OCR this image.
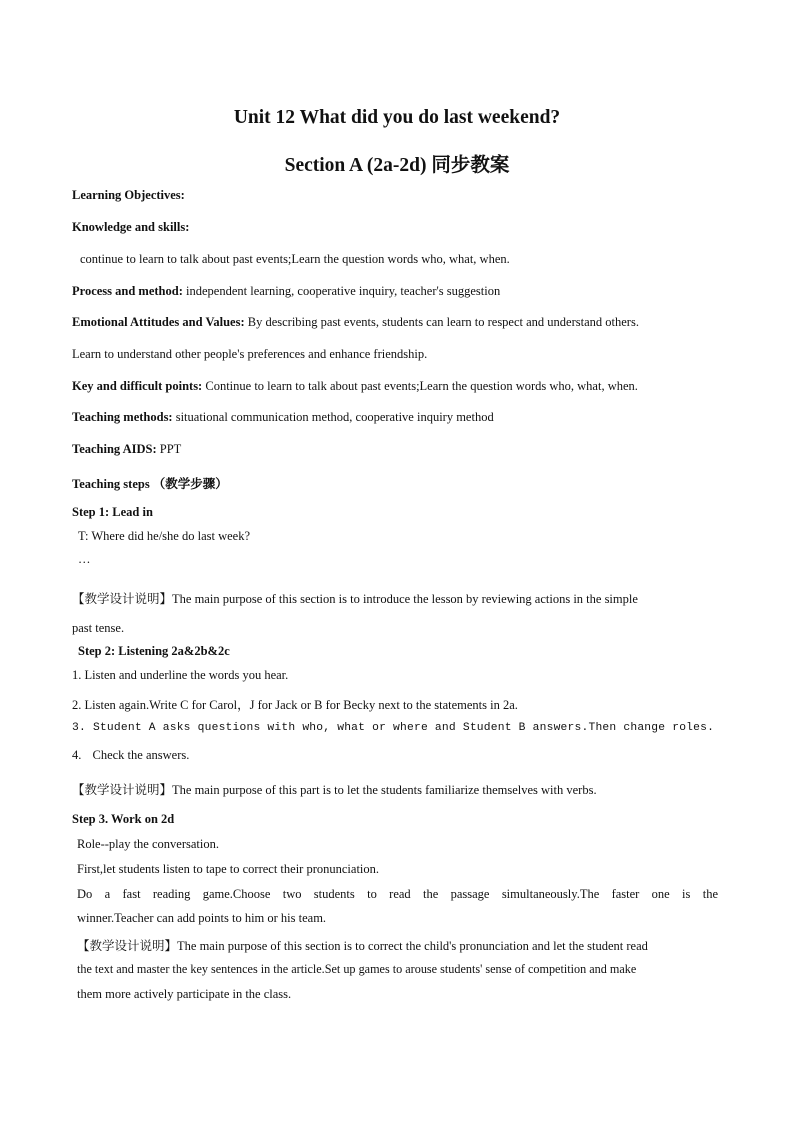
Unit 12 What did you do last weekend?
Section A (2a-2d) 同步教案
Learning Objectives:
Knowledge and skills:
continue to learn to talk about past events;Learn the question words who, what, when.
Process and method: independent learning, cooperative inquiry, teacher's suggestion
Emotional Attitudes and Values: By describing past events, students can learn to respect and understand others.
Learn to understand other people's preferences and enhance friendship.
Key and difficult points: Continue to learn to talk about past events;Learn the question words who, what, when.
Teaching methods: situational communication method, cooperative inquiry method
Teaching AIDS: PPT
Teaching steps （教学步骤）
Step 1: Lead in
T: Where did he/she do last week?
…
【教学设计说明】The main purpose of this section is to introduce the lesson by reviewing actions in the simple
past tense.
Step 2: Listening 2a&2b&2c
1. Listen and underline the words you hear.
2. Listen again.Write C for Carol，J for Jack or B for Becky next to the statements in 2a.
3. Student A asks questions with who, what or where and Student B answers.Then change roles.
4. Check the answers.
【教学设计说明】The main purpose of this part is to let the students familiarize themselves with verbs.
Step 3. Work on 2d
Role--play the conversation.
First,let students listen to tape to correct their pronunciation.
Do a fast reading game.Choose two students to read the passage simultaneously.The faster one is the
winner.Teacher can add points to him or his team.
【教学设计说明】The main purpose of this section is to correct the child's pronunciation and let the student read
the text and master the key sentences in the article.Set up games to arouse students' sense of competition and make
them more actively participate in the class.
